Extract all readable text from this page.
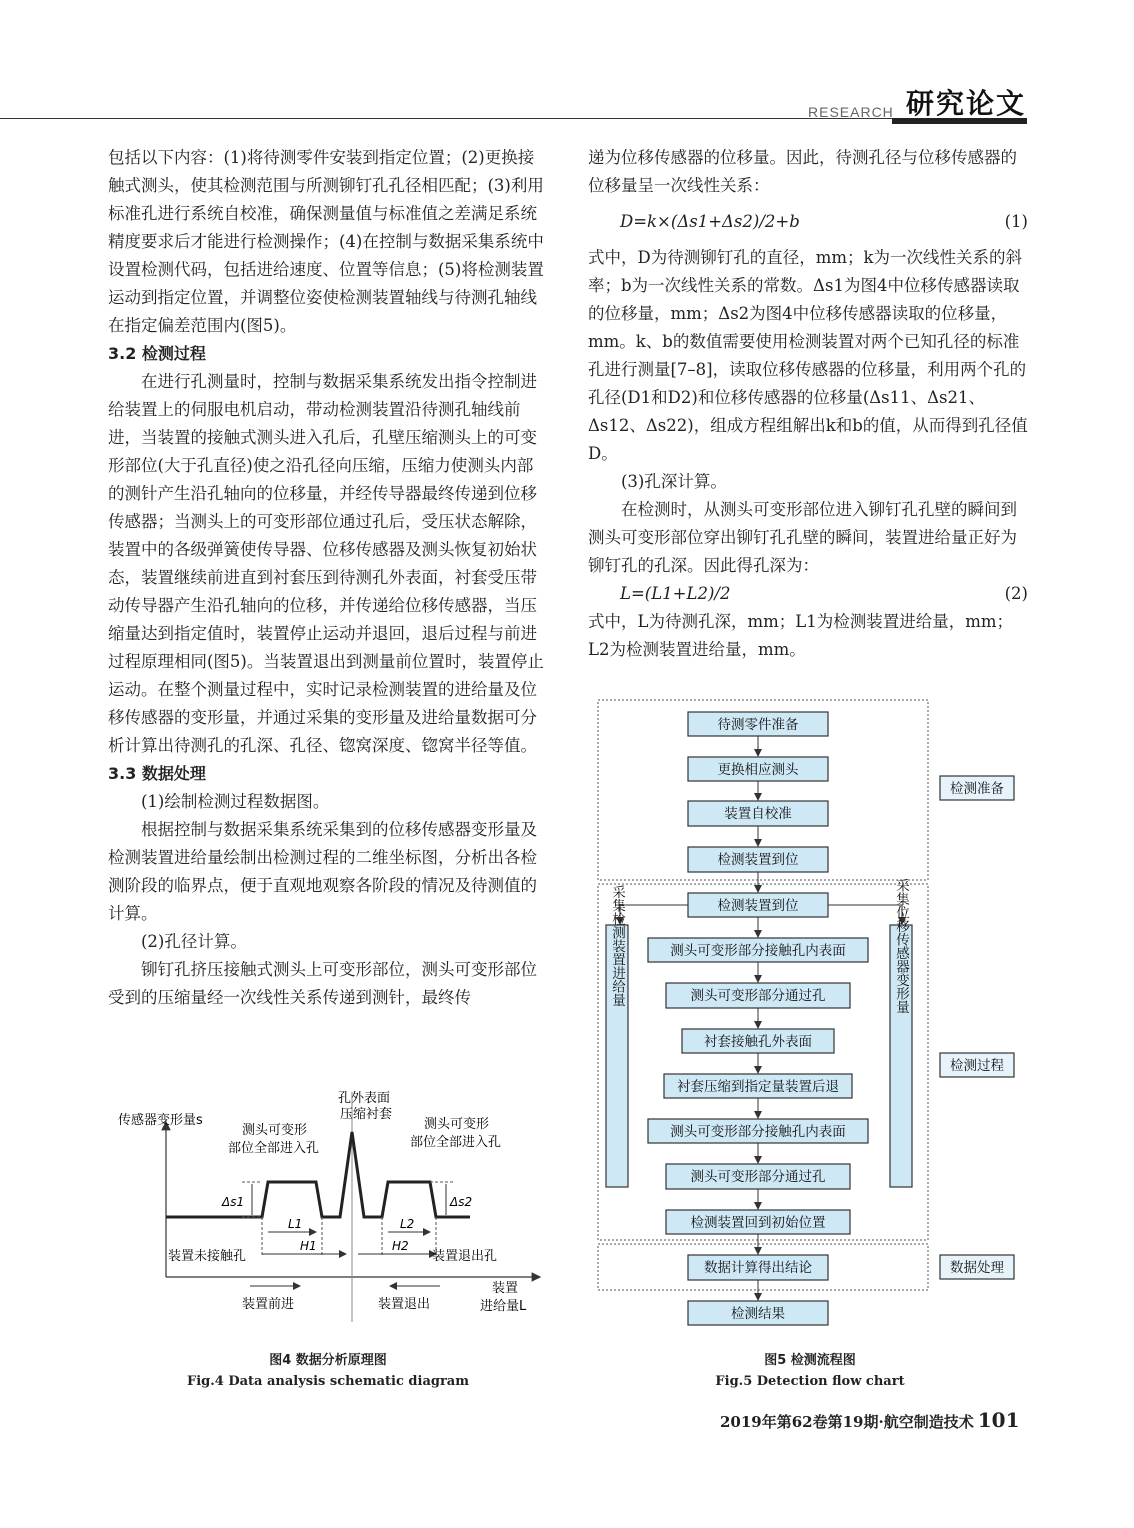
RESEARCH 研究论文

包括以下内容：(1)将待测零件安装到指定位置；(2)更换接触式测头，使其检测范围与所测铆钉孔孔径相匹配；(3)利用标准孔进行系统自校准，确保测量值与标准值之差满足系统精度要求后才能进行检测操作；(4)在控制与数据采集系统中设置检测代码，包括进给速度、位置等信息；(5)将检测装置运动到指定位置，并调整位姿使检测装置轴线与待测孔轴线在指定偏差范围内(图5)。

3.2 检测过程

在进行孔测量时，控制与数据采集系统发出指令控制进给装置上的伺服电机启动，带动检测装置沿待测孔轴线前进，当装置的接触式测头进入孔后，孔壁压缩测头上的可变形部位(大于孔直径)使之沿孔径向压缩，压缩力使测头内部的测针产生沿孔轴向的位移量，并经传导器最终传递到位移传感器；当测头上的可变形部位通过孔后，受压状态解除，装置中的各级弹簧使传导器、位移传感器及测头恢复初始状态，装置继续前进直到衬套压到待测孔外表面，衬套受压带动传导器产生沿孔轴向的位移，并传递给位移传感器，当压缩量达到指定值时，装置停止运动并退回，退后过程与前进过程原理相同(图5)。当装置退出到测量前位置时，装置停止运动。在整个测量过程中，实时记录检测装置的进给量及位移传感器的变形量，并通过采集的变形量及进给量数据可分析计算出待测孔的孔深、孔径、锪窝深度、锪窝半径等值。

3.3 数据处理

(1)绘制检测过程数据图。

根据控制与数据采集系统采集到的位移传感器变形量及检测装置进给量绘制出检测过程的二维坐标图，分析出各检测阶段的临界点，便于直观地观察各阶段的情况及待测值的计算。

(2)孔径计算。

铆钉孔挤压接触式测头上可变形部位，测头可变形部位受到的压缩量经一次线性关系传递到测针，最终传

递为位移传感器的位移量。因此，待测孔径与位移传感器的位移量呈一次线性关系：

D=k×(Δs1+Δs2)/2+b	(1)

式中，D为待测铆钉孔的直径，mm；k为一次线性关系的斜率；b为一次线性关系的常数。Δs1为图4中位移传感器读取的位移量，mm；Δs2为图4中位移传感器读取的位移量，mm。k、b的数值需要使用检测装置对两个已知孔径的标准孔进行测量[7–8]，读取位移传感器的位移量，利用两个孔的孔径(D1和D2)和位移传感器的位移量(Δs11、Δs21、Δs12、Δs22)，组成方程组解出k和b的值，从而得到孔径值D。

(3)孔深计算。

在检测时，从测头可变形部位进入铆钉孔孔壁的瞬间到测头可变形部位穿出铆钉孔孔壁的瞬间，装置进给量正好为铆钉孔的孔深。因此得孔深为：

L=(L1+L2)/2	(2)

式中，L为待测孔深，mm；L1为检测装置进给量，mm；L2为检测装置进给量，mm。

传感器变形量s
孔外表面
压缩衬套
测头可变形
部位全部进入孔
测头可变形
部位全部进入孔
Δs1	Δs2
L1	L2
H1	H2
装置未接触孔	装置退出孔
装置前进	装置退出
装置
进给量L
图4 数据分析原理图
Fig.4 Data analysis schematic diagram
待测零件准备
更换相应测头
装置自校准
检测装置到位
检测装置到位
测头可变形部分接触孔内表面
测头可变形部分通过孔
衬套接触孔外表面
衬套压缩到指定量装置后退
测头可变形部分接触孔内表面
测头可变形部分通过孔
检测装置回到初始位置
数据计算得出结论
检测结果
采集检测装置进给量	采集位移传感器变形量
检测准备
检测过程
数据处理
图5 检测流程图
Fig.5 Detection flow chart
2019年第62卷第19期·航空制造技术 101
